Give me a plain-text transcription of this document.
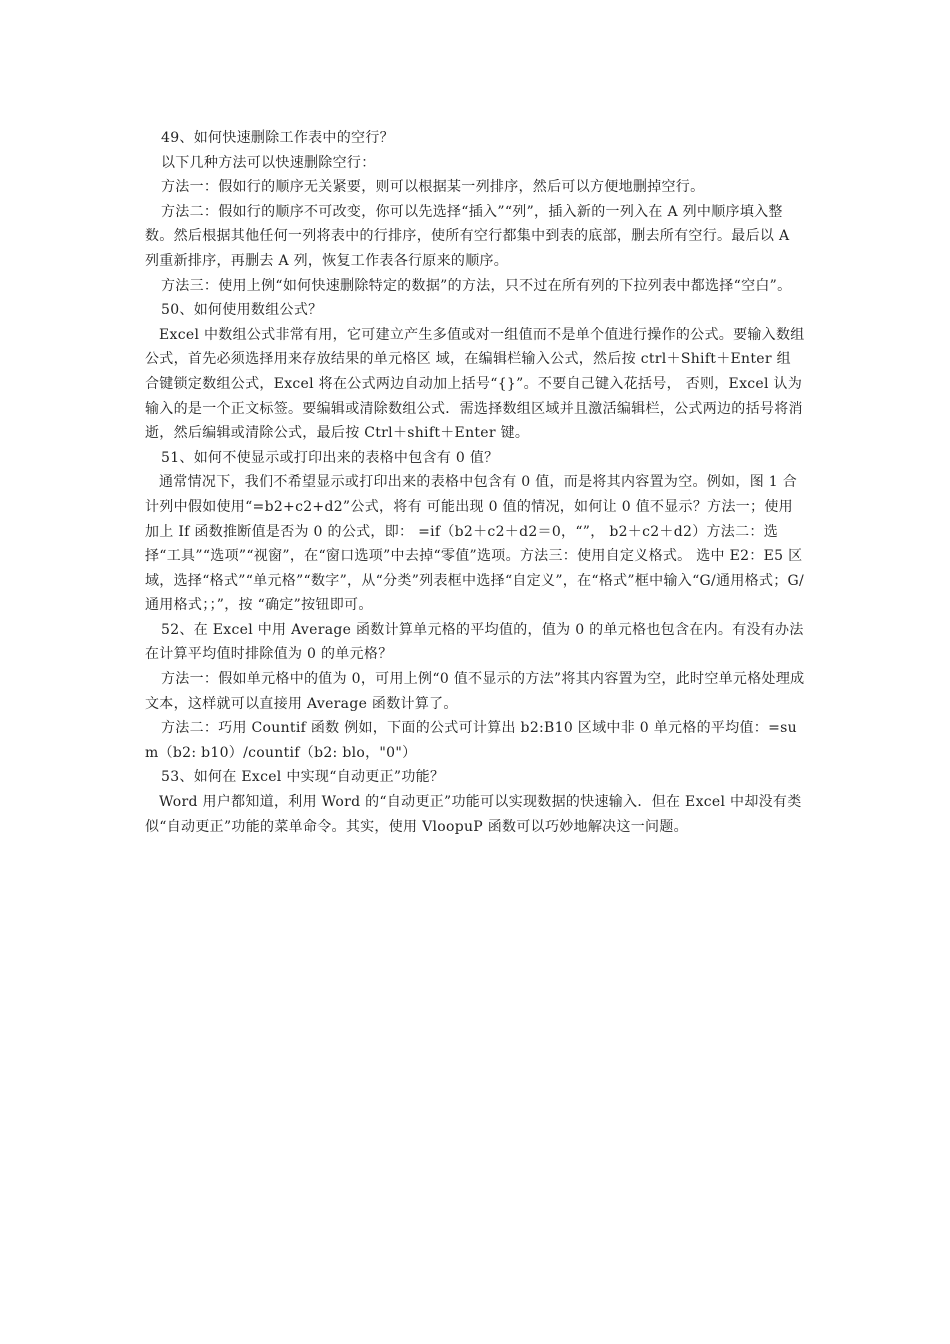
49、如何快速删除工作表中的空行？

以下几种方法可以快速删除空行：

方法一：假如行的顺序无关紧要，则可以根据某一列排序，然后可以方便地删掉空行。

方法二：假如行的顺序不可改变，你可以先选择“插入”“列”，插入新的一列入在 A 列中顺序填入整数。然后根据其他任何一列将表中的行排序，使所有空行都集中到表的底部，删去所有空行。最后以 A 列重新排序，再删去 A 列，恢复工作表各行原来的顺序。

方法三：使用上例“如何快速删除特定的数据”的方法，只不过在所有列的下拉列表中都选择“空白”。

50、如何使用数组公式？

Excel 中数组公式非常有用，它可建立产生多值或对一组值而不是单个值进行操作的公式。要输入数组公式，首先必须选择用来存放结果的单元格区 域，在编辑栏输入公式，然后按 ctrl＋Shift＋Enter 组合键锁定数组公式，Excel 将在公式两边自动加上括号“{}”。不要自己键入花括号， 否则，Excel 认为输入的是一个正文标签。要编辑或清除数组公式．需选择数组区域并且激活编辑栏，公式两边的括号将消逝，然后编辑或清除公式，最后按 Ctrl＋shift＋Enter 键。

51、如何不使显示或打印出来的表格中包含有 0 值？

通常情况下，我们不希望显示或打印出来的表格中包含有 0 值，而是将其内容置为空。例如，图 1 合计列中假如使用“=b2+c2+d2”公式，将有 可能出现 0 值的情况，如何让 0 值不显示？方法一；使用加上 If 函数推断值是否为 0 的公式，即： =if（b2＋c2＋d2＝0，“”， b2＋c2＋d2）方法二：选择“工具”“选项”“视窗”，在“窗口选项”中去掉“零值”选项。方法三：使用自定义格式。 选中 E2：E5 区域，选择“格式”“单元格”“数字”，从“分类”列表框中选择“自定义”，在“格式”框中输入“G/通用格式；G/通用格式；；”，按 “确定”按钮即可。

52、在 Excel 中用 Average 函数计算单元格的平均值的，值为 0 的单元格也包含在内。有没有办法在计算平均值时排除值为 0 的单元格？

方法一：假如单元格中的值为 0，可用上例“0 值不显示的方法”将其内容置为空，此时空单元格处理成文本，这样就可以直接用 Average 函数计算了。

方法二：巧用 Countif 函数 例如，下面的公式可计算出 b2:B10 区域中非 0 单元格的平均值：=sum（b2: b10）/countif（b2: blo，"0"）

53、如何在 Excel 中实现“自动更正”功能？

Word 用户都知道，利用 Word 的“自动更正”功能可以实现数据的快速输入．但在 Excel 中却没有类似“自动更正”功能的菜单命令。其实，使用 VloopuP 函数可以巧妙地解决这一问题。
